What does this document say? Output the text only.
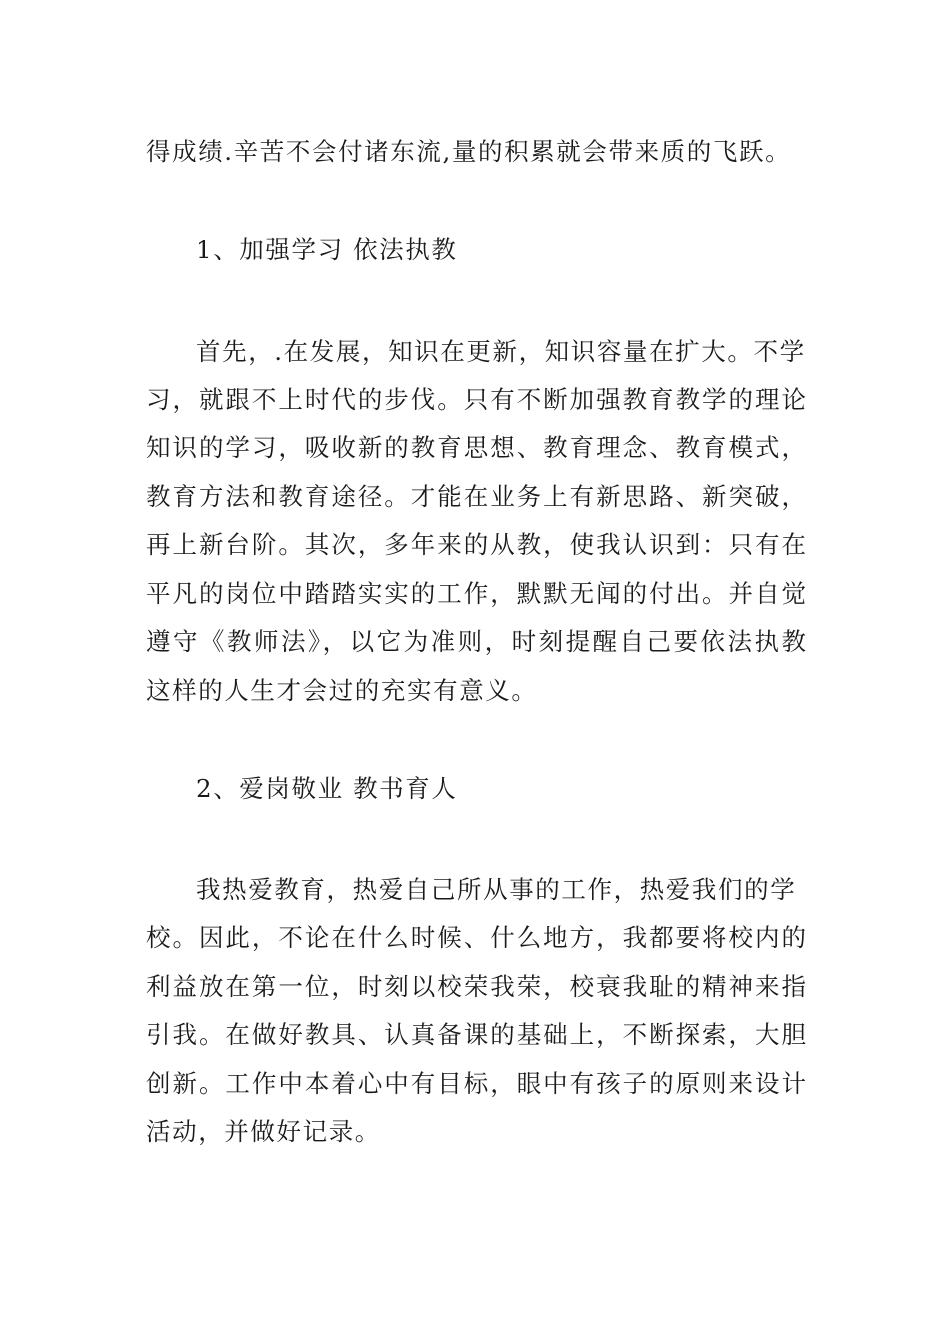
得成绩.辛苦不会付诸东流,量的积累就会带来质的飞跃。
1、加强学习 依法执教
首先，.在发展，知识在更新，知识容量在扩大。不学
习，就跟不上时代的步伐。只有不断加强教育教学的理论
知识的学习，吸收新的教育思想、教育理念、教育模式，
教育方法和教育途径。才能在业务上有新思路、新突破，
再上新台阶。其次，多年来的从教，使我认识到：只有在
平凡的岗位中踏踏实实的工作，默默无闻的付出。并自觉
遵守《教师法》，以它为准则，时刻提醒自己要依法执教
这样的人生才会过的充实有意义。
2、爱岗敬业 教书育人
我热爱教育，热爱自己所从事的工作，热爱我们的学
校。因此，不论在什么时候、什么地方，我都要将校内的
利益放在第一位，时刻以校荣我荣，校衰我耻的精神来指
引我。在做好教具、认真备课的基础上，不断探索，大胆
创新。工作中本着心中有目标，眼中有孩子的原则来设计
活动，并做好记录。
